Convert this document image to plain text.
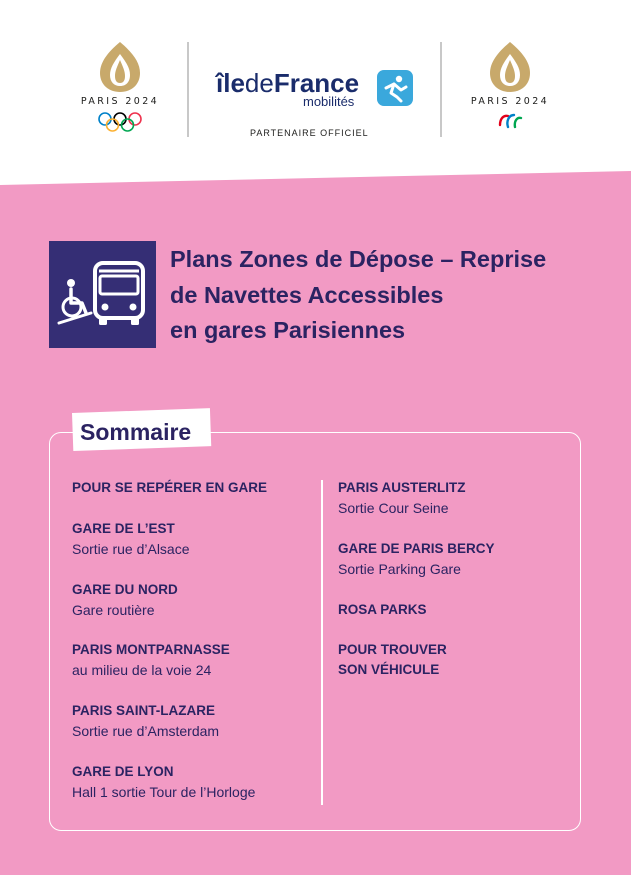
PARIS 2024
îledeFrance
mobilités
PARTENAIRE OFFICIEL
PARIS 2024
Plans Zones de Dépose – Reprise
de Navettes Accessibles
en gares Parisiennes
Sommaire
POUR SE REPÉRER EN GARE
GARE DE L’EST
Sortie rue d’Alsace
GARE DU NORD
Gare routière
PARIS MONTPARNASSE
au milieu de la voie 24
PARIS SAINT-LAZARE
Sortie rue d’Amsterdam
GARE DE LYON
Hall 1 sortie Tour de l’Horloge
PARIS AUSTERLITZ
Sortie Cour Seine
GARE DE PARIS BERCY
Sortie Parking Gare
ROSA PARKS
POUR TROUVER
SON VÉHICULE
